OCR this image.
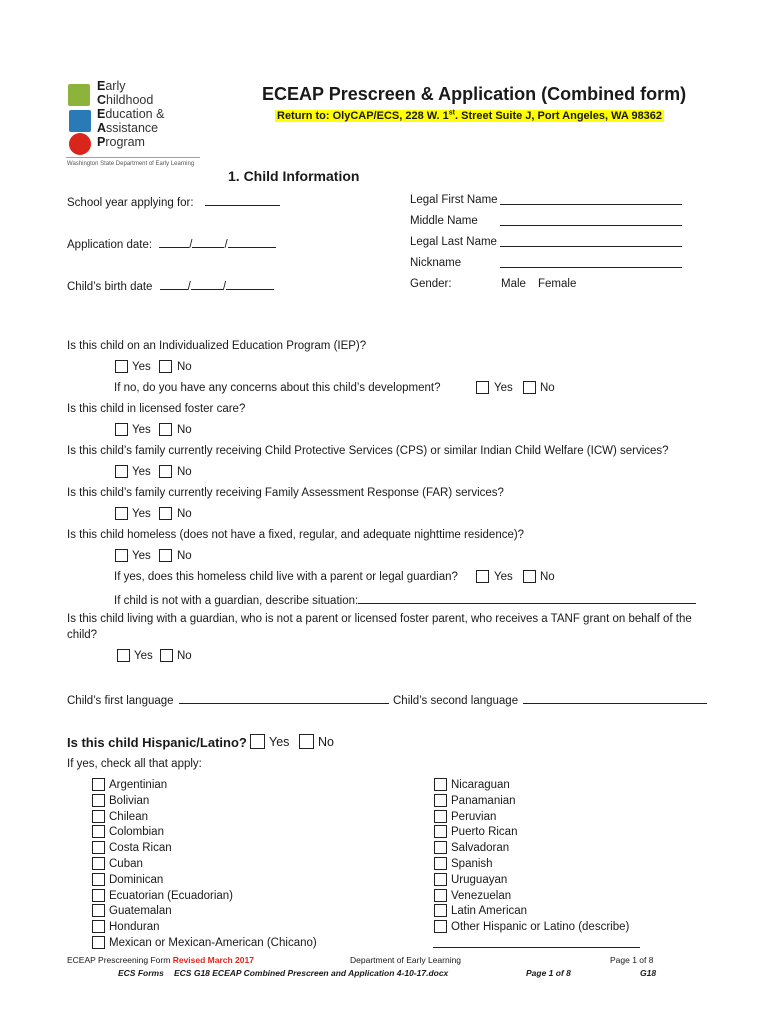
Early
Childhood
Education &
Assistance
Program
Washington State Department of Early Learning
ECEAP Prescreen & Application (Combined form)
Return to: OlyCAP/ECS, 228 W. 1st. Street Suite J, Port Angeles, WA 98362
1. Child Information
School year applying for:
Application date:	/	/
Child’s birth date	/	/
Legal First Name
Middle Name
Legal Last Name
Nickname
Gender:	Male Female
Is this child on an Individualized Education Program (IEP)?
Yes No
If no, do you have any concerns about this child’s development?	Yes No
Is this child in licensed foster care?
Yes No
Is this child’s family currently receiving Child Protective Services (CPS) or similar Indian Child Welfare (ICW) services?
Yes No
Is this child’s family currently receiving Family Assessment Response (FAR) services?
Yes No
Is this child homeless (does not have a fixed, regular, and adequate nighttime residence)?
Yes No
If yes, does this homeless child live with a parent or legal guardian?	Yes No
If child is not with a guardian, describe situation:
Is this child living with a guardian, who is not a parent or licensed foster parent, who receives a TANF grant on behalf of the
child?
Yes No
Child’s first language	Child’s second language
Is this child Hispanic/Latino? Yes No
If yes, check all that apply:
Argentinian
Bolivian
Chilean
Colombian
Costa Rican
Cuban
Dominican
Ecuatorian (Ecuadorian)
Guatemalan
Honduran
Mexican or Mexican-American (Chicano)
Nicaraguan
Panamanian
Peruvian
Puerto Rican
Salvadoran
Spanish
Uruguayan
Venezuelan
Latin American
Other Hispanic or Latino (describe)
ECEAP Prescreening Form Revised March 2017	Department of Early Learning	Page 1 of 8
ECS Forms ECS G18 ECEAP Combined Prescreen and Application 4-10-17.docx	Page 1 of 8	G18
